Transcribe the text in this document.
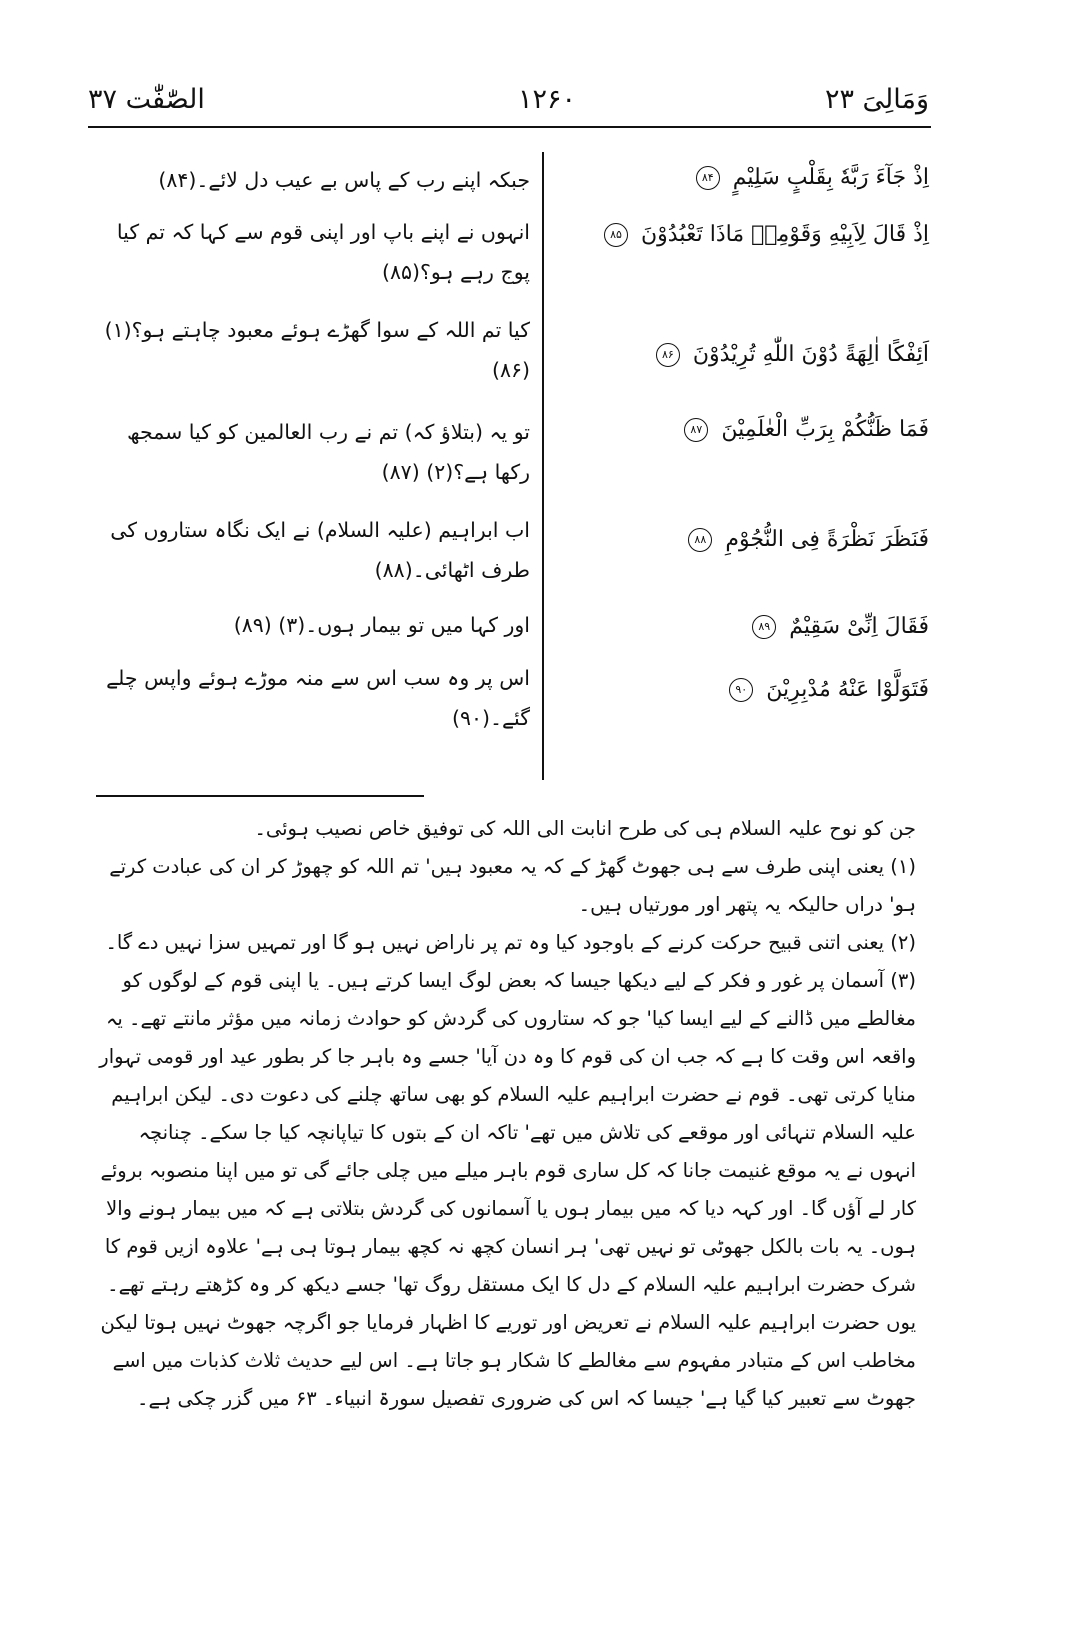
وَمَالِیَ ۲۳
۱۲۶۰
الصّٰفّٰت ۳۷
اِذْ جَآءَ رَبَّهٗ بِقَلْبٍ سَلِیْمٍ ۸۴
جبکہ اپنے رب کے پاس بے عیب دل لائے۔(۸۴)
اِذْ قَالَ لِاَبِیْهِ وَقَوْمِهٖ مَاذَا تَعْبُدُوْنَ ۸۵
انہوں نے اپنے باپ اور اپنی قوم سے کہا کہ تم کیا پوج رہے ہو؟(۸۵)
اَئِفْكًا اٰلِهَةً دُوْنَ اللّٰهِ تُرِیْدُوْنَ ۸۶
کیا تم اللہ کے سوا گھڑے ہوئے معبود چاہتے ہو؟(۱) (۸۶)
فَمَا ظَنُّكُمْ بِرَبِّ الْعٰلَمِیْنَ ۸۷
تو یہ (بتلاؤ کہ) تم نے رب العالمین کو کیا سمجھ رکھا ہے؟(۲) (۸۷)
فَنَظَرَ نَظْرَةً فِی النُّجُوْمِ ۸۸
اب ابراہیم (علیہ السلام) نے ایک نگاہ ستاروں کی طرف اٹھائی۔(۸۸)
فَقَالَ اِنِّیْ سَقِیْمٌ ۸۹
اور کہا میں تو بیمار ہوں۔(۳) (۸۹)
فَتَوَلَّوْا عَنْهُ مُدْبِرِیْنَ ۹۰
اس پر وہ سب اس سے منہ موڑے ہوئے واپس چلے گئے۔(۹۰)

جن کو نوح علیہ السلام ہی کی طرح انابت الی اللہ کی توفیق خاص نصیب ہوئی۔

(۱) یعنی اپنی طرف سے ہی جھوٹ گھڑ کے کہ یہ معبود ہیں' تم اللہ کو چھوڑ کر ان کی عبادت کرتے ہو' دراں حالیکہ یہ پتھر اور مورتیاں ہیں۔

(۲) یعنی اتنی قبیح حرکت کرنے کے باوجود کیا وہ تم پر ناراض نہیں ہو گا اور تمہیں سزا نہیں دے گا۔

(۳) آسمان پر غور و فکر کے لیے دیکھا جیسا کہ بعض لوگ ایسا کرتے ہیں۔ یا اپنی قوم کے لوگوں کو مغالطے میں ڈالنے کے لیے ایسا کیا' جو کہ ستاروں کی گردش کو حوادث زمانہ میں مؤثر مانتے تھے۔ یہ واقعہ اس وقت کا ہے کہ جب ان کی قوم کا وہ دن آیا' جسے وہ باہر جا کر بطور عید اور قومی تہوار منایا کرتی تھی۔ قوم نے حضرت ابراہیم علیہ السلام کو بھی ساتھ چلنے کی دعوت دی۔ لیکن ابراہیم علیہ السلام تنہائی اور موقعے کی تلاش میں تھے' تاکہ ان کے بتوں کا تیاپانچہ کیا جا سکے۔ چنانچہ انہوں نے یہ موقع غنیمت جانا کہ کل ساری قوم باہر میلے میں چلی جائے گی تو میں اپنا منصوبہ بروئے کار لے آؤں گا۔ اور کہہ دیا کہ میں بیمار ہوں یا آسمانوں کی گردش بتلاتی ہے کہ میں بیمار ہونے والا ہوں۔ یہ بات بالکل جھوٹی تو نہیں تھی' ہر انسان کچھ نہ کچھ بیمار ہوتا ہی ہے' علاوہ ازیں قوم کا شرک حضرت ابراہیم علیہ السلام کے دل کا ایک مستقل روگ تھا' جسے دیکھ کر وہ کڑھتے رہتے تھے۔ یوں حضرت ابراہیم علیہ السلام نے تعریض اور توریے کا اظہار فرمایا جو اگرچہ جھوٹ نہیں ہوتا لیکن مخاطب اس کے متبادر مفہوم سے مغالطے کا شکار ہو جاتا ہے۔ اس لیے حدیث ثلاث کذبات میں اسے جھوٹ سے تعبیر کیا گیا ہے' جیسا کہ اس کی ضروری تفصیل سورۃ انبیاء۔ ۶۳ میں گزر چکی ہے۔
